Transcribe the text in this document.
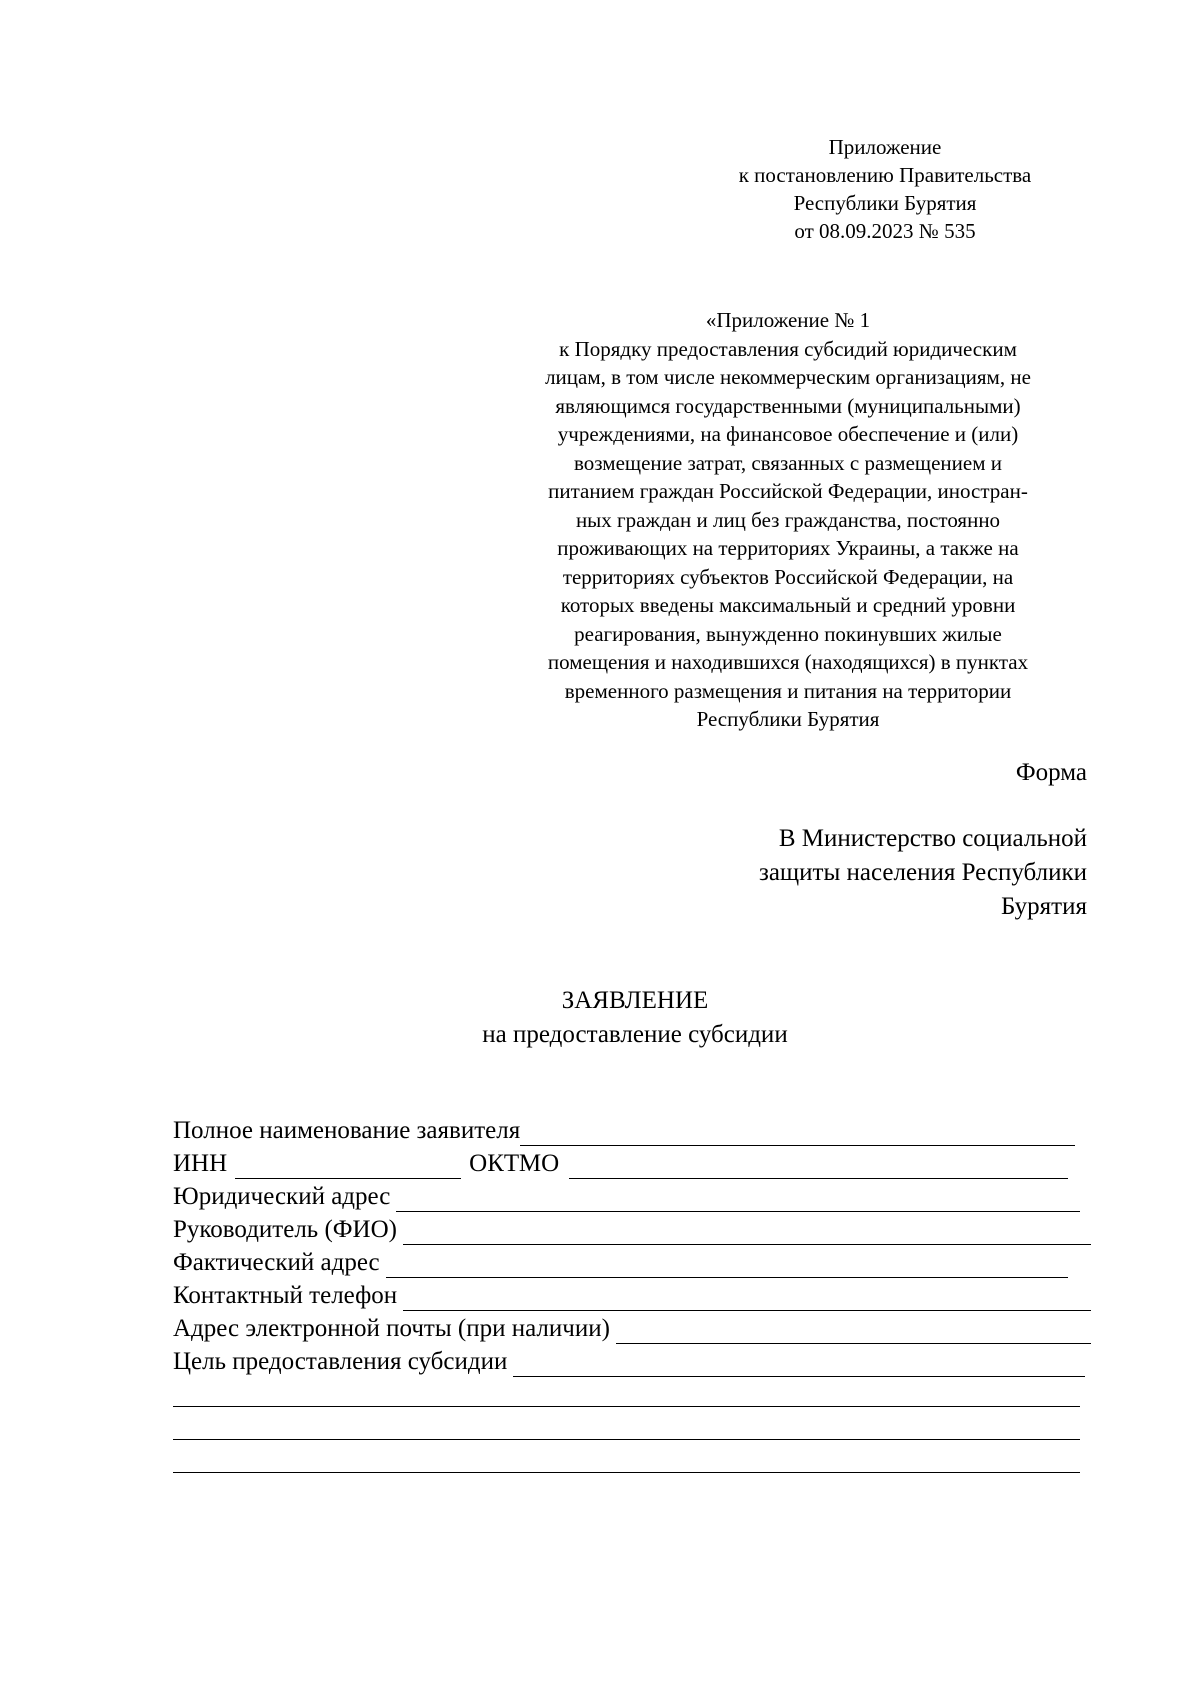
Приложение
к постановлению Правительства
Республики Бурятия
от 08.09.2023 № 535
«Приложение № 1
к Порядку предоставления субсидий юридическим
лицам, в том числе некоммерческим организациям, не
являющимся государственными (муниципальными)
учреждениями, на финансовое обеспечение и (или)
возмещение затрат, связанных с размещением и
питанием граждан Российской Федерации, иностран-
ных граждан и лиц без гражданства, постоянно
проживающих на территориях Украины, а также на
территориях субъектов Российской Федерации, на
которых введены максимальный и средний уровни
реагирования, вынужденно покинувших жилые
помещения и находившихся (находящихся) в пунктах
временного размещения и питания на территории
Республики Бурятия
Форма
В Министерство социальной
защиты населения Республики
Бурятия
ЗАЯВЛЕНИЕ
на предоставление субсидии
Полное наименование заявителя
ИНН	ОКТМО
Юридический адрес
Руководитель (ФИО)
Фактический адрес
Контактный телефон
Адрес электронной почты (при наличии)
Цель предоставления субсидии
